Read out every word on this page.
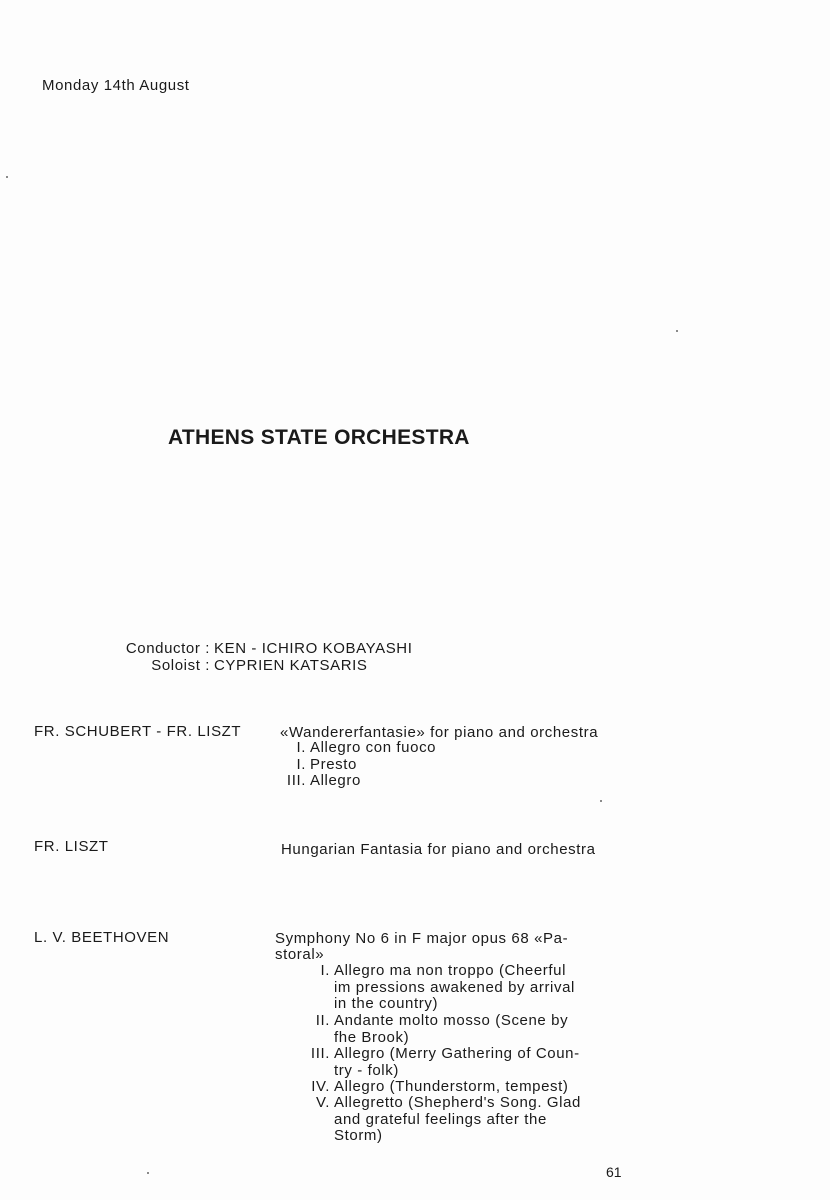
Monday 14th August
ATHENS STATE ORCHESTRA
Conductor : KEN - ICHIRO KOBAYASHI
Soloist : CYPRIEN KATSARIS
FR. SCHUBERT - FR. LISZT	«Wandererfantasie» for piano and orchestra
I. Allegro con fuoco
I. Presto
III. Allegro
FR. LISZT	Hungarian Fantasia for piano and orchestra
L. V. BEETHOVEN	Symphony No 6 in F major opus 68 «Pa-
storal»
I. Allegro ma non troppo (Cheerful
im pressions awakened by arrival
in the country)
II. Andante molto mosso (Scene by
fhe Brook)
III. Allegro (Merry Gathering of Coun-
try - folk)
IV. Allegro (Thunderstorm, tempest)
V. Allegretto (Shepherd's Song. Glad
and grateful feelings after the
Storm)
61
